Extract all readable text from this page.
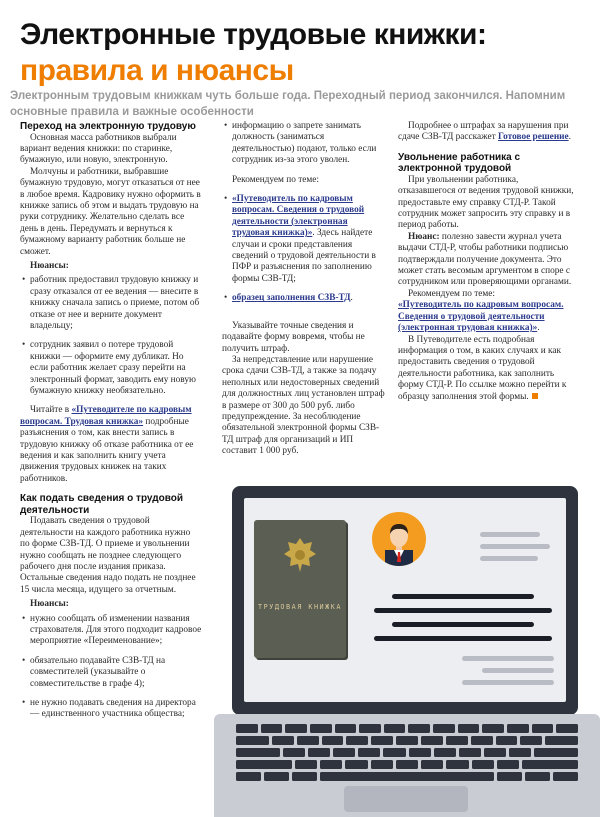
Электронные трудовые книжки:
правила и нюансы
Электронным трудовым книжкам чуть больше года. Переходный период закончился. Напомним основные правила и важные особенности
Переход на электронную трудовую

Основная масса работников выбрали вариант ведения книжки: по старинке, бумажную, или новую, электронную.

Молчуны и работники, выбравшие бумажную трудовую, могут отказаться от нее в любое время. Кадровику нужно оформить в книжке запись об этом и выдать трудовую на руки сотруднику. Желательно сделать все день в день. Передумать и вернуться к бумажному варианту работник больше не сможет.

Нюансы:
• работник предоставил трудовую книжку и сразу отказался от ее ведения — внесите в книжку сначала запись о приеме, потом об отказе от нее и верните документ владельцу;
• сотрудник заявил о потере трудовой книжки — оформите ему дубликат. Но если работник желает сразу перейти на электронный формат, заводить ему новую бумажную книжку необязательно.

Читайте в «Путеводителе по кадровым вопросам. Трудовая книжка» подробные разъяснения о том, как внести запись в трудовую книжку об отказе работника от ее ведения и как заполнить книгу учета движения трудовых книжек на таких работников.

Как подать сведения о трудовой деятельности

Подавать сведения о трудовой деятельности на каждого работника нужно по форме СЗВ-ТД. О приеме и увольнении нужно сообщать не позднее следующего рабочего дня после издания приказа. Остальные сведения надо подать не позднее 15 числа месяца, идущего за отчетным.

Нюансы:
• нужно сообщать об изменении названия страхователя. Для этого подходит кадровое мероприятие «Переименование»;
• обязательно подавайте СЗВ-ТД на совместителей (указывайте о совместительстве в графе 4);
• не нужно подавать сведения на директора — единственного участника общества;
• информацию о запрете занимать должность (заниматься деятельностью) подают, только если сотрудник из-за этого уволен.

Рекомендуем по теме:

• «Путеводитель по кадровым вопросам. Сведения о трудовой деятельности (электронная трудовая книжка)». Здесь найдете случаи и сроки представления сведений о трудовой деятельности в ПФР и разъяснения по заполнению формы СЗВ-ТД;
• образец заполнения СЗВ-ТД.

Указывайте точные сведения и подавайте форму вовремя, чтобы не получить штраф.

За непредставление или нарушение срока сдачи СЗВ-ТД, а также за подачу неполных или недостоверных сведений для должностных лиц установлен штраф в размере от 300 до 500 руб. либо предупреждение. За несоблюдение обязательной электронной формы СЗВ-ТД штраф для организаций и ИП составит 1 000 руб.

Подробнее о штрафах за нарушения при сдаче СЗВ-ТД расскажет Готовое решение.

Увольнение работника с электронной трудовой

При увольнении работника, отказавшегося от ведения трудовой книжки, предоставьте ему справку СТД-Р. Такой сотрудник может запросить эту справку и в период работы.

Нюанс: полезно завести журнал учета выдачи СТД-Р, чтобы работники подписью подтверждали получение документа. Это может стать весомым аргументом в споре с сотрудником или проверяющими органами.

Рекомендуем по теме:

«Путеводитель по кадровым вопросам. Сведения о трудовой деятельности (электронная трудовая книжка)».

В Путеводителе есть подробная информация о том, в каких случаях и как предоставить сведения о трудовой деятельности работника, как заполнить форму СТД-Р. По ссылке можно перейти к образцу заполнения этой формы.

ТРУДОВАЯ КНИЖКА
